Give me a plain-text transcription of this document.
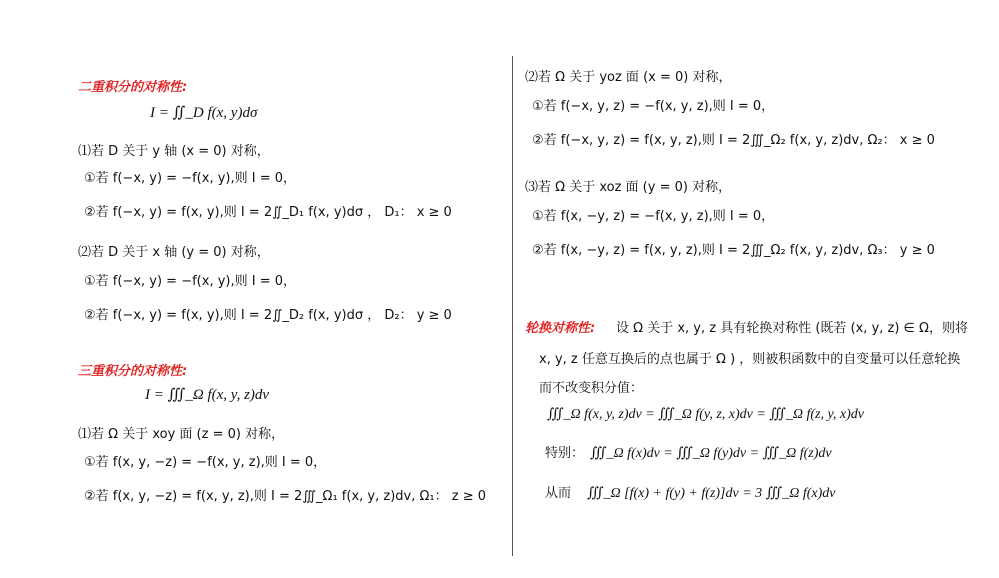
二重积分的对称性:
I = ∬_D f(x, y)dσ
⑴若 D 关于 y 轴 (x = 0) 对称，
①若 f(−x, y) = −f(x, y),则 I = 0，
②若 f(−x, y) = f(x, y),则 I = 2∬_D₁ f(x, y)dσ ， D₁： x ≥ 0
⑵若 D 关于 x 轴 (y = 0) 对称，
①若 f(−x, y) = −f(x, y),则 I = 0，
②若 f(−x, y) = f(x, y),则 I = 2∬_D₂ f(x, y)dσ ， D₂： y ≥ 0
三重积分的对称性:
I = ∭_Ω f(x, y, z)dv
⑴若 Ω 关于 xoy 面 (z = 0) 对称，
①若 f(x, y, −z) = −f(x, y, z),则 I = 0，
②若 f(x, y, −z) = f(x, y, z),则 I = 2∭_Ω₁ f(x, y, z)dv, Ω₁： z ≥ 0
⑵若 Ω 关于 yoz 面 (x = 0) 对称，
①若 f(−x, y, z) = −f(x, y, z),则 I = 0，
②若 f(−x, y, z) = f(x, y, z),则 I = 2∭_Ω₂ f(x, y, z)dv, Ω₂： x ≥ 0
⑶若 Ω 关于 xoz 面 (y = 0) 对称，
①若 f(x, −y, z) = −f(x, y, z),则 I = 0，
②若 f(x, −y, z) = f(x, y, z),则 I = 2∭_Ω₂ f(x, y, z)dv, Ω₃： y ≥ 0
轮换对称性: 设 Ω 关于 x, y, z 具有轮换对称性 (既若 (x, y, z) ∈ Ω，则将
x, y, z 任意互换后的点也属于 Ω ) ，则被积函数中的自变量可以任意轮换
而不改变积分值：
∭_Ω f(x, y, z)dv = ∭_Ω f(y, z, x)dv = ∭_Ω f(z, y, x)dv
特别： ∭_Ω f(x)dv = ∭_Ω f(y)dv = ∭_Ω f(z)dv
从而 ∭_Ω [f(x) + f(y) + f(z)]dv = 3 ∭_Ω f(x)dv
